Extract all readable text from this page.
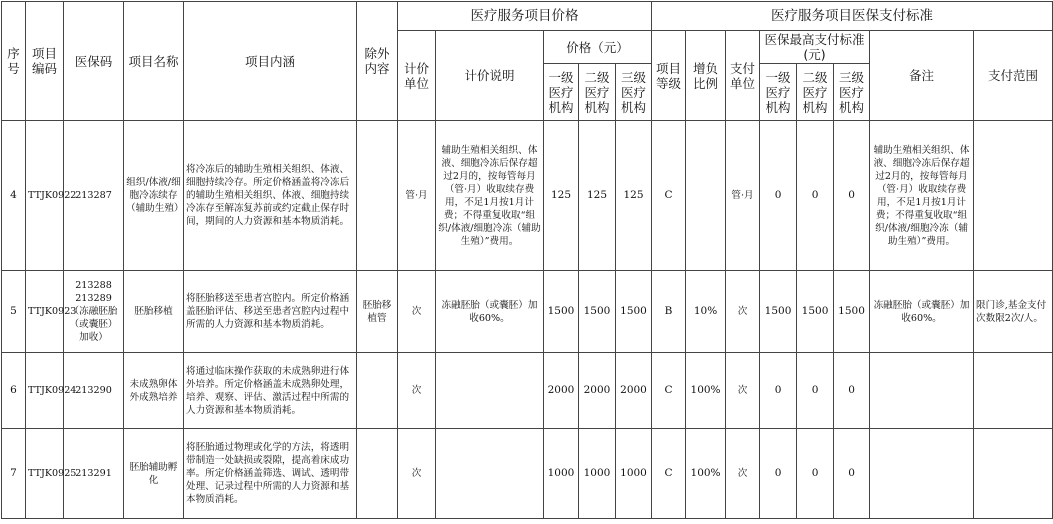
序号	项目编码	医保码	项目名称	项目内涵	除外内容	医疗服务项目价格					医疗服务项目医保支付标准							
						计价单位	计价说明	价格（元）			项目等级	增负比例	支付单位	医保最高支付标准(元)			备注	支付范围
								一级医疗机构	二级医疗机构	三级医疗机构				一级医疗机构	二级医疗机构	三级医疗机构		
4	TTJK0922	213287	组织/体液/细胞冷冻续存（辅助生殖）	将冷冻后的辅助生殖相关组织、体液、细胞持续冷存。所定价格涵盖将冷冻后的辅助生殖相关组织、体液、细胞持续冷冻存至解冻复苏前或约定截止保存时间，期间的人力资源和基本物质消耗。		管·月	辅助生殖相关组织、体液、细胞冷冻后保存超过2月的，按每管每月（管·月）收取续存费用，不足1月按1月计费；不得重复收取“组织/体液/细胞冷冻（辅助生殖）”费用。	125	125	125	C		管·月	0	0	0	辅助生殖相关组织、体液、细胞冷冻后保存超过2月的，按每管每月（管·月）收取续存费用，不足1月按1月计费；不得重复收取“组织/体液/细胞冷冻（辅助生殖）”费用。	
5	TTJK0923	213288 213289（冻融胚胎（或囊胚）加收）	胚胎移植	将胚胎移送至患者宫腔内。所定价格涵盖胚胎评估、移送至患者宫腔内过程中所需的人力资源和基本物质消耗。	胚胎移植管	次	冻融胚胎（或囊胚）加收60%。	1500	1500	1500	B	10%	次	1500	1500	1500	冻融胚胎（或囊胚）加收60%。	限门诊,基金支付次数限2次/人。
6	TTJK0924	213290	未成熟卵体外成熟培养	将通过临床操作获取的未成熟卵进行体外培养。所定价格涵盖未成熟卵处理，培养、观察、评估、激活过程中所需的人力资源和基本物质消耗。		次		2000	2000	2000	C	100%	次	0	0	0		
7	TTJK0925	213291	胚胎辅助孵化	将胚胎通过物理或化学的方法，将透明带制造一处缺损或裂隙，提高着床成功率。所定价格涵盖筛选、调试、透明带处理、记录过程中所需的人力资源和基本物质消耗。		次		1000	1000	1000	C	100%	次	0	0	0		
